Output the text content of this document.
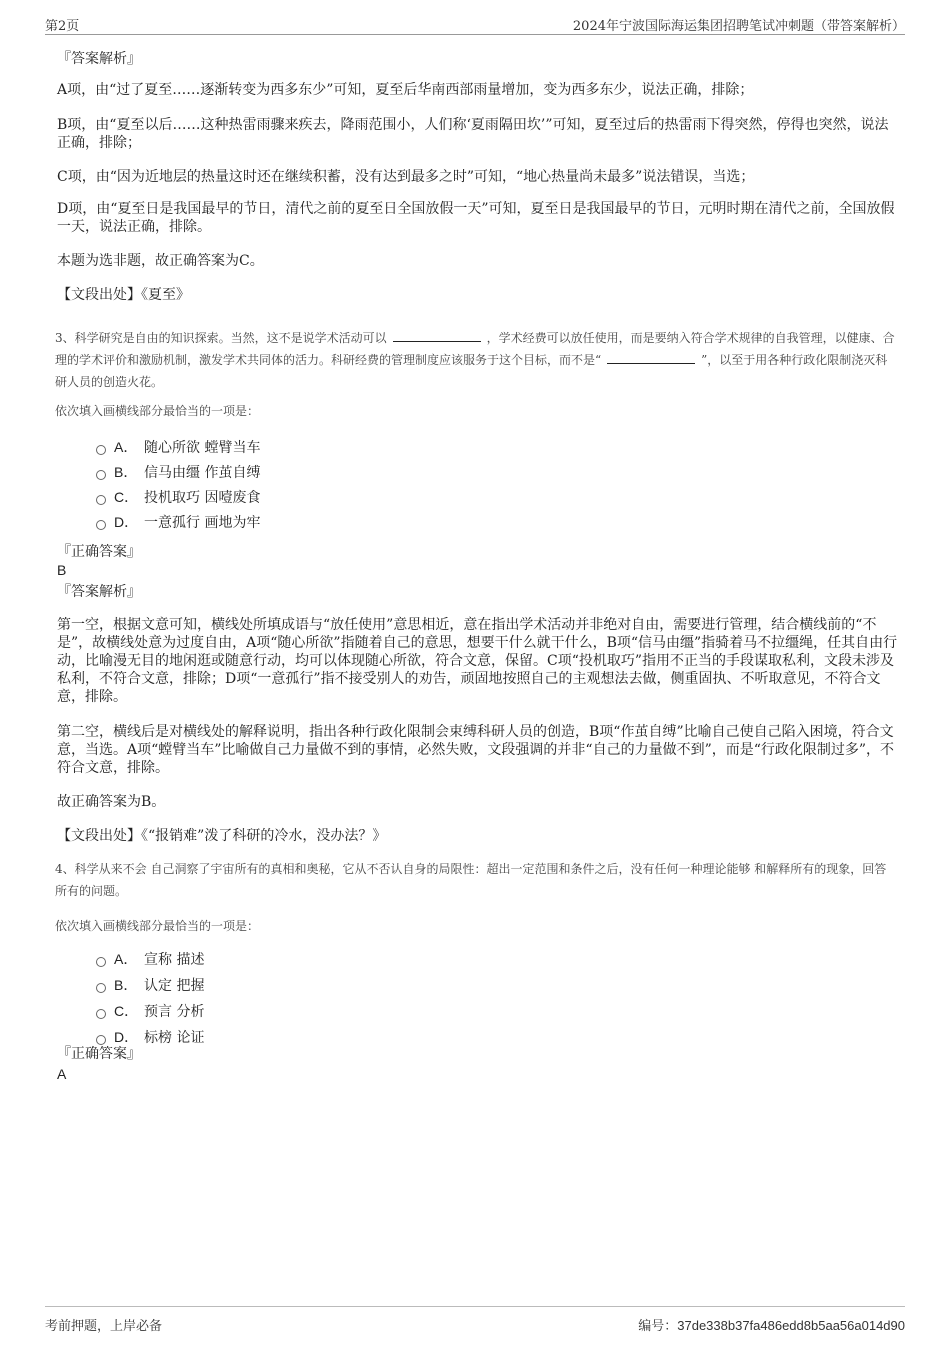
第2页	2024年宁波国际海运集团招聘笔试冲刺题（带答案解析）
『答案解析』
A项，由“过了夏至……逐渐转变为西多东少”可知，夏至后华南西部雨量增加，变为西多东少，说法正确，排除；
B项，由“夏至以后……这种热雷雨骤来疾去，降雨范围小，人们称‘夏雨隔田坎’”可知，夏至过后的热雷雨下得突然，停得也突然，说法正确，排除；
C项，由“因为近地层的热量这时还在继续积蓄，没有达到最多之时”可知，“地心热量尚未最多”说法错误，当选；
D项，由“夏至日是我国最早的节日，清代之前的夏至日全国放假一天”可知，夏至日是我国最早的节日，元明时期在清代之前，全国放假一天，说法正确，排除。
本题为选非题，故正确答案为C。
【文段出处】《夏至》
3、科学研究是自由的知识探索。当然，这不是说学术活动可以	，学术经费可以放任使用，而是要纳入符合学术规律的自我管理，以健康、合理的学术评价和激励机制，激发学术共同体的活力。科研经费的管理制度应该服务于这个目标，而不是“	”，以至于用各种行政化限制浇灭科研人员的创造火花。
依次填入画横线部分最恰当的一项是：
A． 随心所欲 螳臂当车
B． 信马由缰 作茧自缚
C． 投机取巧 因噎废食
D． 一意孤行 画地为牢
『正确答案』
B
『答案解析』
第一空，根据文意可知，横线处所填成语与“放任使用”意思相近，意在指出学术活动并非绝对自由，需要进行管理，结合横线前的“不是”，故横线处意为过度自由，A项“随心所欲”指随着自己的意思，想要干什么就干什么，B项“信马由缰”指骑着马不拉缰绳，任其自由行动，比喻漫无目的地闲逛或随意行动，均可以体现随心所欲，符合文意，保留。C项“投机取巧”指用不正当的手段谋取私利，文段未涉及私利，不符合文意，排除；D项“一意孤行”指不接受别人的劝告，顽固地按照自己的主观想法去做，侧重固执、不听取意见，不符合文意，排除。
第二空，横线后是对横线处的解释说明，指出各种行政化限制会束缚科研人员的创造，B项“作茧自缚”比喻自己使自己陷入困境，符合文意，当选。A项“螳臂当车”比喻做自己力量做不到的事情，必然失败，文段强调的并非“自己的力量做不到”，而是“行政化限制过多”，不符合文意，排除。
故正确答案为B。
【文段出处】《“报销难”泼了科研的冷水，没办法？》
4、科学从来不会 自己洞察了宇宙所有的真相和奥秘，它从不否认自身的局限性：超出一定范围和条件之后，没有任何一种理论能够 和解释所有的现象，回答所有的问题。
依次填入画横线部分最恰当的一项是：
A． 宣称 描述
B． 认定 把握
C． 预言 分析
D． 标榜 论证
『正确答案』
A
考前押题，上岸必备	编号：37de338b37fa486edd8b5aa56a014d90
